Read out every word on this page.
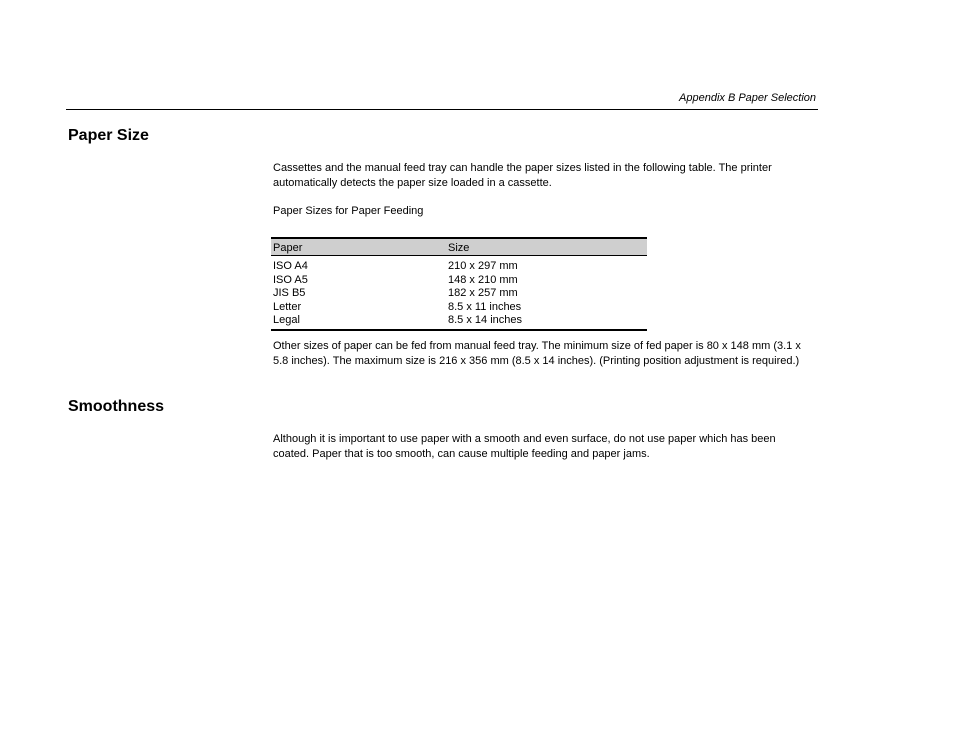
Appendix B Paper Selection
Paper Size

Cassettes and the manual feed tray can handle the paper sizes listed in the following table. The printer automatically detects the paper size loaded in a cassette.

Paper Sizes for Paper Feeding

Paper	Size
ISO A4	210 x 297 mm
ISO A5	148 x 210 mm
JIS B5	182 x 257 mm
Letter	8.5 x 11 inches
Legal	8.5 x 14 inches

Other sizes of paper can be fed from manual feed tray. The minimum size of fed paper is 80 x 148 mm (3.1 x 5.8 inches). The maximum size is 216 x 356 mm (8.5 x 14 inches). (Printing position adjustment is required.)

Smoothness

Although it is important to use paper with a smooth and even surface, do not use paper which has been coated. Paper that is too smooth, can cause multiple feeding and paper jams.
